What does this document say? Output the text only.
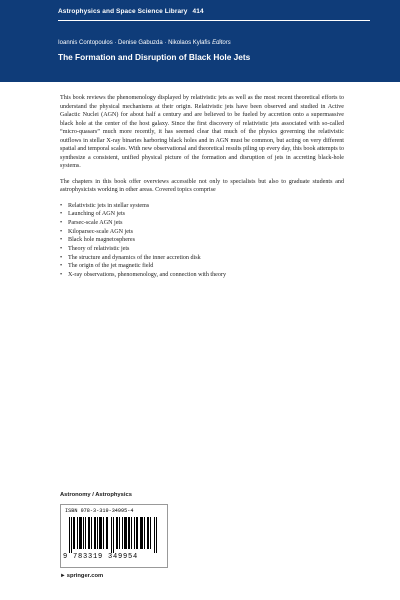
Astrophysics and Space Science Library 414
Ioannis Contopoulos · Denise Gabuzda · Nikolaos Kylafis Editors
The Formation and Disruption of Black Hole Jets

This book reviews the phenomenology displayed by relativistic jets as well as the most recent theoretical efforts to understand the physical mechanisms at their origin. Relativistic jets have been observed and studied in Active Galactic Nuclei (AGN) for about half a century and are believed to be fueled by accretion onto a supermassive black hole at the center of the host galaxy. Since the first discovery of relativistic jets associated with so-called “micro-quasars” much more recently, it has seemed clear that much of the physics governing the relativistic outflows in stellar X-ray binaries harboring black holes and in AGN must be common, but acting on very different spatial and temporal scales. With new observational and theoretical results piling up every day, this book attempts to synthesize a consistent, unified physical picture of the formation and disruption of jets in accreting black-hole systems.

The chapters in this book offer overviews accessible not only to specialists but also to graduate students and astrophysicists working in other areas. Covered topics comprise

• Relativistic jets in stellar systems
• Launching of AGN jets
• Parsec-scale AGN jets
• Kiloparsec-scale AGN jets
• Black hole magnetospheres
• Theory of relativistic jets
• The structure and dynamics of the inner accretion disk
• The origin of the jet magnetic field
• X-ray observations, phenomenology, and connection with theory
Astronomy / Astrophysics
ISBN 978-3-319-34995-4
9 783319 349954
►springer.com
